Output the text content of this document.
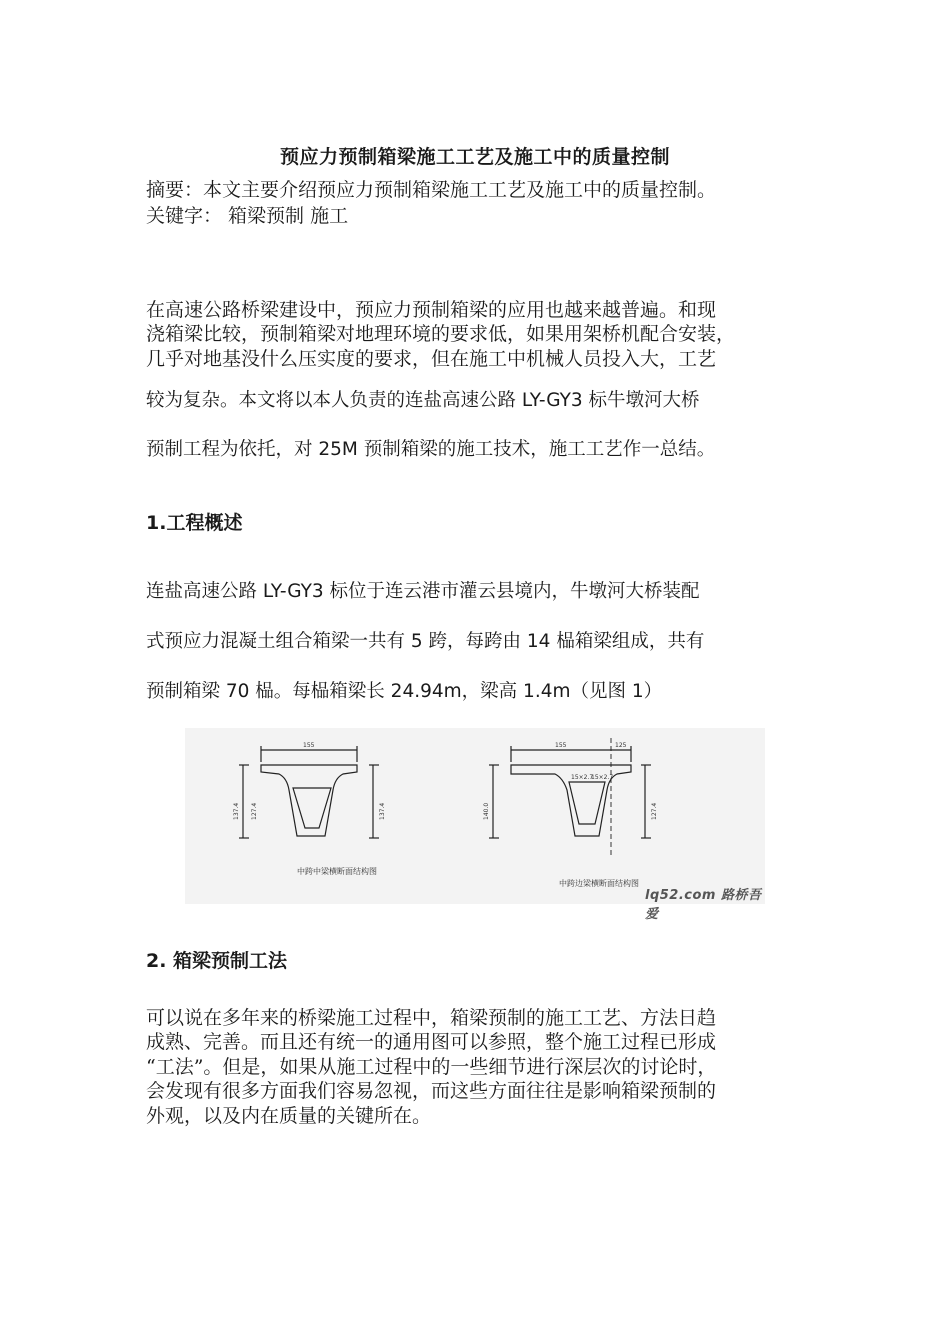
预应力预制箱梁施工工艺及施工中的质量控制

摘要：本文主要介绍预应力预制箱梁施工工艺及施工中的质量控制。

关键字： 箱梁预制 施工

在高速公路桥梁建设中，预应力预制箱梁的应用也越来越普遍。和现

浇箱梁比较，预制箱梁对地理环境的要求低，如果用架桥机配合安装，

几乎对地基没什么压实度的要求，但在施工中机械人员投入大，工艺

较为复杂。本文将以本人负责的连盐高速公路 LY-GY3 标牛墩河大桥

预制工程为依托，对 25M 预制箱梁的施工技术，施工工艺作一总结。

1.工程概述

连盐高速公路 LY-GY3 标位于连云港市灌云县境内，牛墩河大桥装配

式预应力混凝土组合箱梁一共有 5 跨，每跨由 14 榀箱梁组成，共有

预制箱梁 70 榀。每榀箱梁长 24.94m，梁高 1.4m（见图 1）

155	155	125
137.4 127.4	137.4	140.0	127.4
15×2.7
15×2.7
中跨中梁横断面结构图
中跨边梁横断面结构图
lq52.com 路桥吾爱
2. 箱梁预制工法

可以说在多年来的桥梁施工过程中，箱梁预制的施工工艺、方法日趋

成熟、完善。而且还有统一的通用图可以参照，整个施工过程已形成

“工法”。但是，如果从施工过程中的一些细节进行深层次的讨论时，

会发现有很多方面我们容易忽视，而这些方面往往是影响箱梁预制的

外观，以及内在质量的关键所在。
